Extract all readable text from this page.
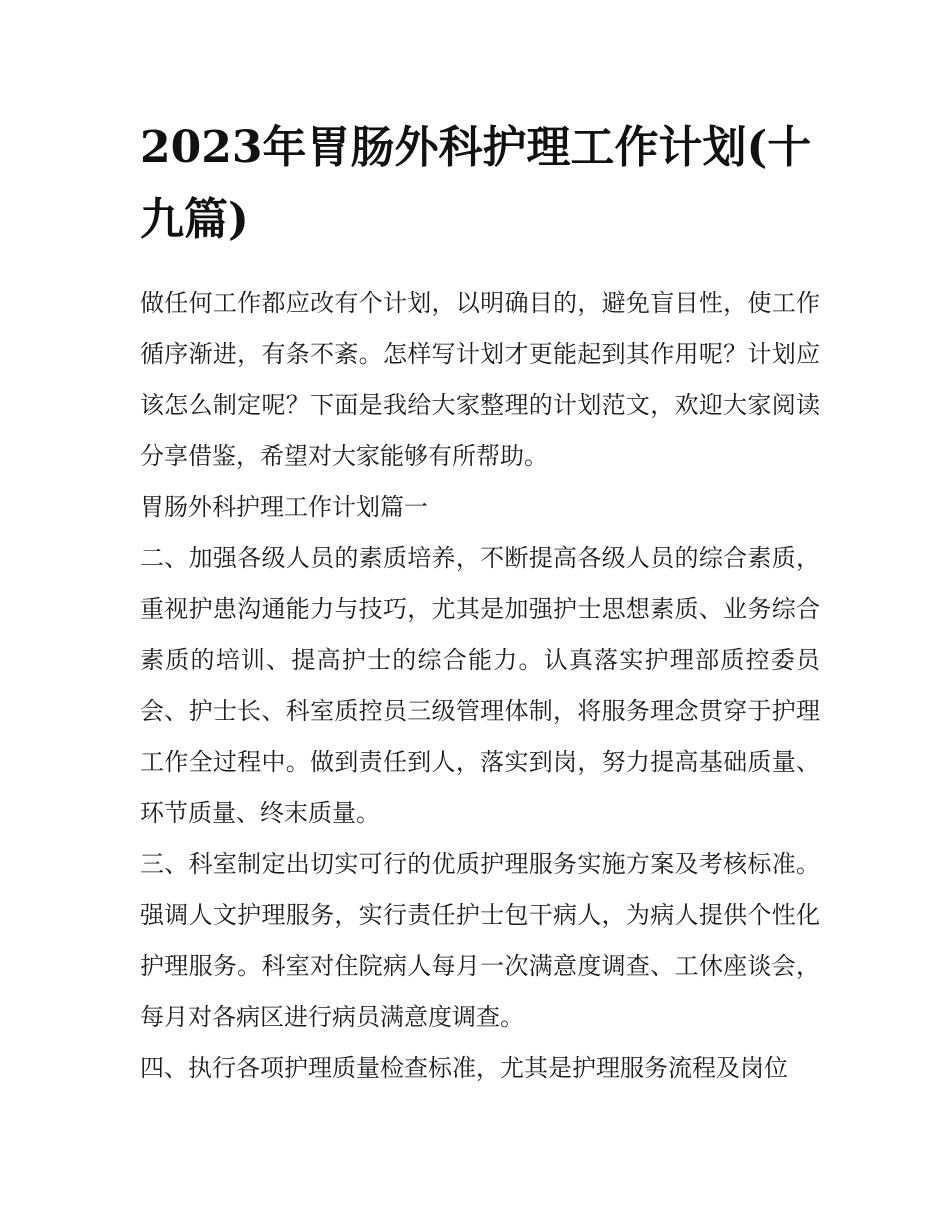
2023年胃肠外科护理工作计划(十九篇)

做任何工作都应改有个计划，以明确目的，避免盲目性，使工作循序渐进，有条不紊。怎样写计划才更能起到其作用呢？计划应该怎么制定呢？下面是我给大家整理的计划范文，欢迎大家阅读分享借鉴，希望对大家能够有所帮助。

胃肠外科护理工作计划篇一

二、加强各级人员的素质培养，不断提高各级人员的综合素质，重视护患沟通能力与技巧，尤其是加强护士思想素质、业务综合素质的培训、提高护士的综合能力。认真落实护理部质控委员会、护士长、科室质控员三级管理体制，将服务理念贯穿于护理工作全过程中。做到责任到人，落实到岗，努力提高基础质量、环节质量、终末质量。

三、科室制定出切实可行的优质护理服务实施方案及考核标准。强调人文护理服务，实行责任护士包干病人，为病人提供个性化护理服务。科室对住院病人每月一次满意度调查、工休座谈会，每月对各病区进行病员满意度调查。

四、执行各项护理质量检查标准，尤其是护理服务流程及岗位
